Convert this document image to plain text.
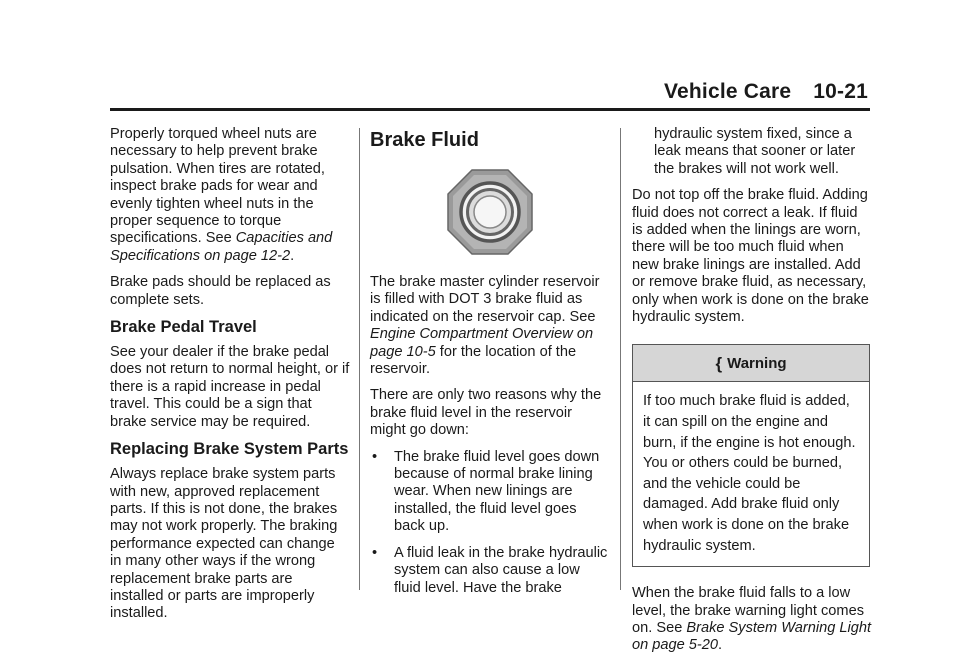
Vehicle Care 10-21

Properly torqued wheel nuts are necessary to help prevent brake pulsation. When tires are rotated, inspect brake pads for wear and evenly tighten wheel nuts in the proper sequence to torque specifications. See Capacities and Specifications on page 12-2.

Brake pads should be replaced as complete sets.

Brake Pedal Travel

See your dealer if the brake pedal does not return to normal height, or if there is a rapid increase in pedal travel. This could be a sign that brake service may be required.

Replacing Brake System Parts

Always replace brake system parts with new, approved replacement parts. If this is not done, the brakes may not work properly. The braking performance expected can change in many other ways if the wrong replacement brake parts are installed or parts are improperly installed.

Brake Fluid

The brake master cylinder reservoir is filled with DOT 3 brake fluid as indicated on the reservoir cap. See Engine Compartment Overview on page 10-5 for the location of the reservoir.

There are only two reasons why the brake fluid level in the reservoir might go down:

•	The brake fluid level goes down because of normal brake lining wear. When new linings are installed, the fluid level goes back up.
•	A fluid leak in the brake hydraulic system can also cause a low fluid level. Have the brake

hydraulic system fixed, since a leak means that sooner or later the brakes will not work well.

Do not top off the brake fluid. Adding fluid does not correct a leak. If fluid is added when the linings are worn, there will be too much fluid when new brake linings are installed. Add or remove brake fluid, as necessary, only when work is done on the brake hydraulic system.

{ Warning
If too much brake fluid is added, it can spill on the engine and burn, if the engine is hot enough. You or others could be burned, and the vehicle could be damaged. Add brake fluid only when work is done on the brake hydraulic system.

When the brake fluid falls to a low level, the brake warning light comes on. See Brake System Warning Light on page 5-20.
